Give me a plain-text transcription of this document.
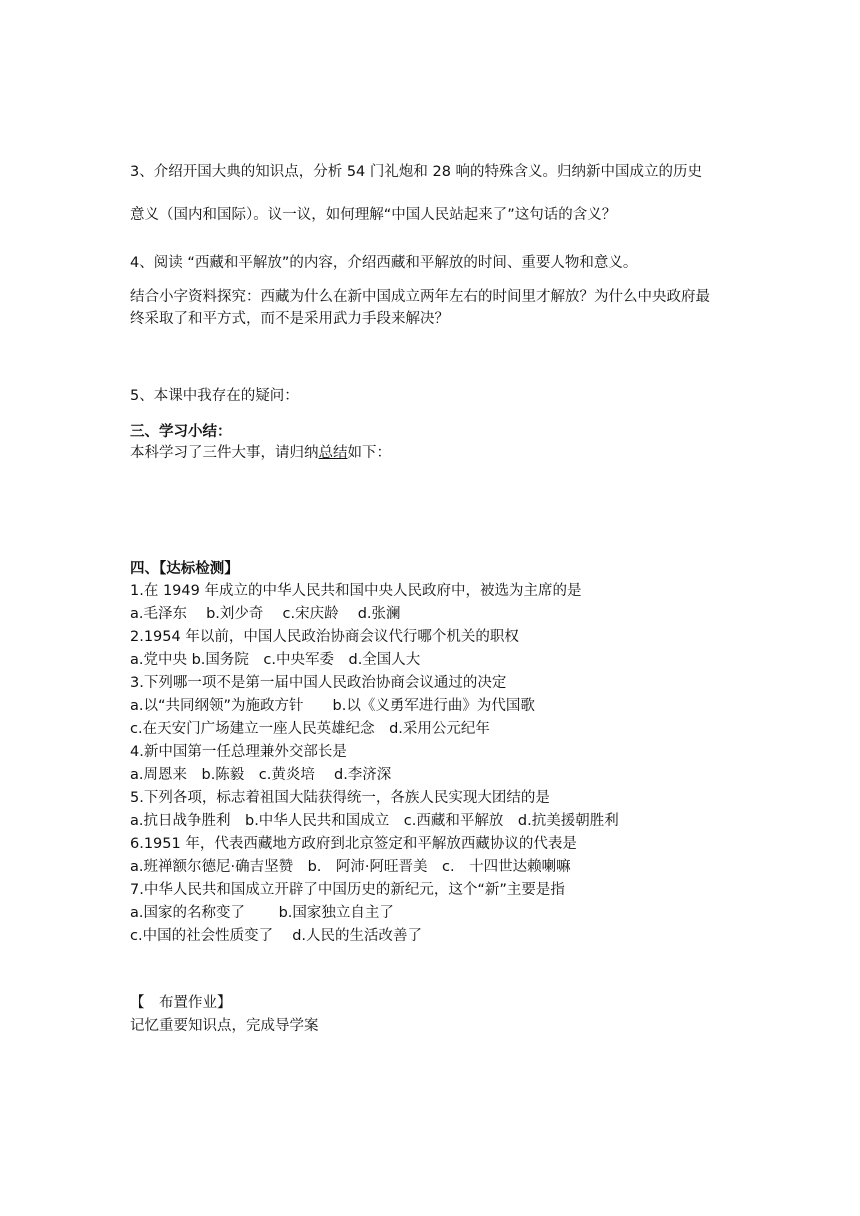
3、介绍开国大典的知识点，分析 54 门礼炮和 28 响的特殊含义。归纳新中国成立的历史
意义（国内和国际）。议一议，如何理解“中国人民站起来了”这句话的含义？
4、阅读 “西藏和平解放”的内容，介绍西藏和平解放的时间、重要人物和意义。
结合小字资料探究：西藏为什么在新中国成立两年左右的时间里才解放？为什么中央政府最
终采取了和平方式，而不是采用武力手段来解决？
5、本课中我存在的疑问：
三、学习小结：
本科学习了三件大事，请归纳总结如下：
四、【达标检测】
1.在 1949 年成立的中华人民共和国中央人民政府中，被选为主席的是
a.毛泽东　 b.刘少奇　 c.宋庆龄　 d.张澜
2.1954 年以前，中国人民政治协商会议代行哪个机关的职权
a.党中央 b.国务院　c.中央军委　d.全国人大
3.下列哪一项不是第一届中国人民政治协商会议通过的决定
a.以“共同纲领”为施政方针　　b.以《义勇军进行曲》为代国歌
c.在天安门广场建立一座人民英雄纪念　d.采用公元纪年
4.新中国第一任总理兼外交部长是
a.周恩来　b.陈毅　c.黄炎培　 d.李济深
5.下列各项，标志着祖国大陆获得统一，各族人民实现大团结的是
a.抗日战争胜利　b.中华人民共和国成立　c.西藏和平解放　d.抗美援朝胜利
6.1951 年，代表西藏地方政府到北京签定和平解放西藏协议的代表是
a.班禅额尔德尼·确吉坚赞　b.　阿沛·阿旺晋美　c.　十四世达赖喇嘛
7.中华人民共和国成立开辟了中国历史的新纪元，这个“新”主要是指
a.国家的名称变了　　 b.国家独立自主了
c.中国的社会性质变了　 d.人民的生活改善了
【　布置作业】
记忆重要知识点，完成导学案
